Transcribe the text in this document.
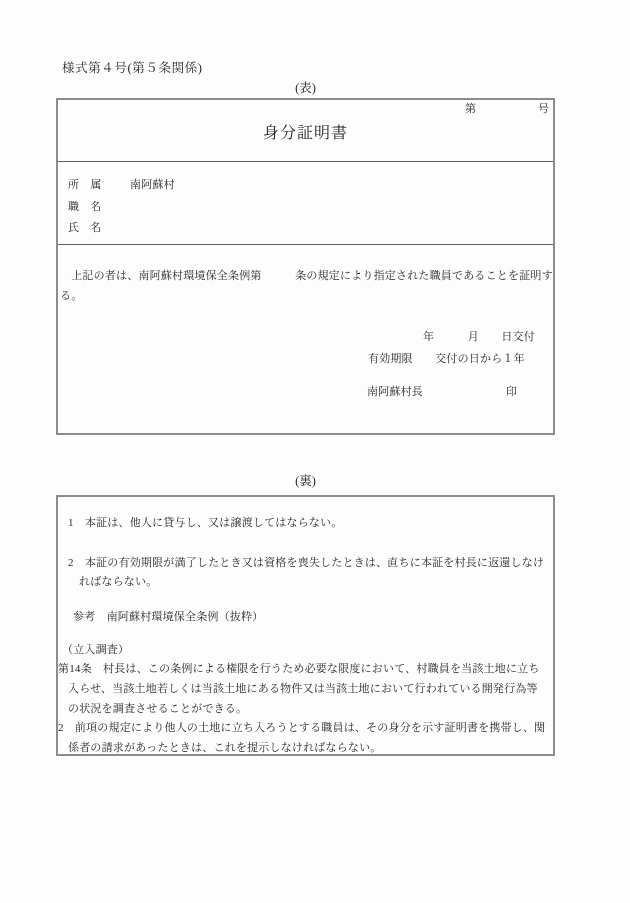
様式第４号(第５条関係)
(表)
第	号
身分証明書
所　属	南阿蘇村
職　名
氏　名
　上記の者は、南阿蘇村環境保全条例第　　　条の規定により指定された職員であることを証明す
る。
年　　　月　　日交付
有効期限　　交付の日から１年
南阿蘇村長	印
(裏)
1　本証は、他人に貸与し、又は譲渡してはならない。
2　本証の有効期限が満了したとき又は資格を喪失したときは、直ちに本証を村長に返還しなけ
ればならない。
参考　南阿蘇村環境保全条例（抜粋）
（立入調査）
第14条　村長は、この条例による権限を行うため必要な限度において、村職員を当該土地に立ち
入らせ、当該土地若しくは当該土地にある物件又は当該土地において行われている開発行為等
の状況を調査させることができる。
2　前項の規定により他人の土地に立ち入ろうとする職員は、その身分を示す証明書を携帯し、関
係者の請求があったときは、これを提示しなければならない。
